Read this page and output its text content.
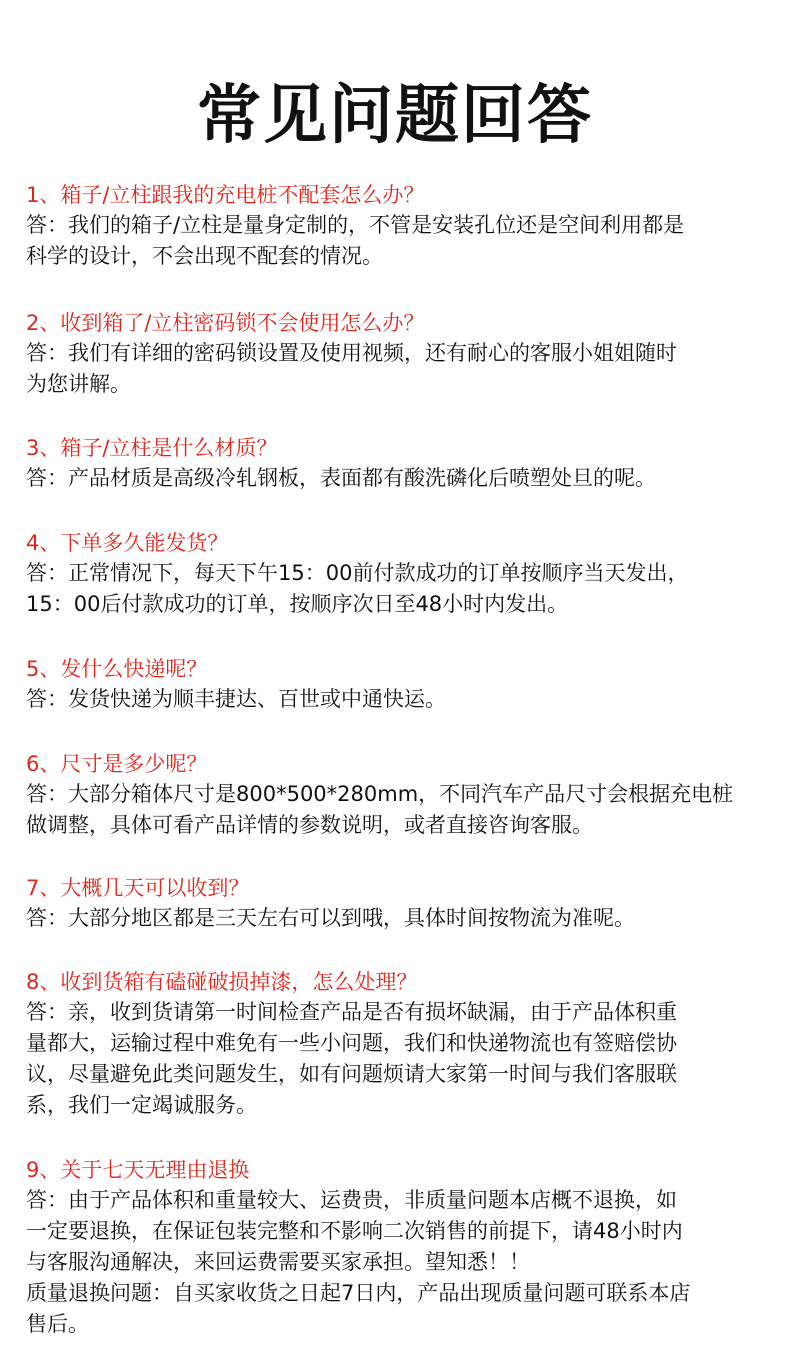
常见问题回答
1、箱子/立柱跟我的充电桩不配套怎么办？
答：我们的箱子/立柱是量身定制的，不管是安装孔位还是空间利用都是
科学的设计，不会出现不配套的情况。
2、收到箱了/立柱密码锁不会使用怎么办？
答：我们有详细的密码锁设置及使用视频，还有耐心的客服小姐姐随时
为您讲解。
3、箱子/立柱是什么材质？
答：产品材质是高级冷轧钢板，表面都有酸洗磷化后喷塑处旦的呢。
4、下单多久能发货？
答：正常情况下，每天下午15：00前付款成功的订单按顺序当天发出，
15：00后付款成功的订单，按顺序次日至48小时内发出。
5、发什么快递呢？
答：发货快递为顺丰捷达、百世或中通快运。
6、尺寸是多少呢？
答：大部分箱体尺寸是800*500*280mm，不同汽车产品尺寸会根据充电桩
做调整，具体可看产品详情的参数说明，或者直接咨询客服。
7、大概几天可以收到？
答：大部分地区都是三天左右可以到哦，具体时间按物流为准呢。
8、收到货箱有磕碰破损掉漆，怎么处理？
答：亲，收到货请第一时间检查产品是否有损坏缺漏，由于产品体积重
量都大，运输过程中难免有一些小问题，我们和快递物流也有签赔偿协
议，尽量避免此类问题发生，如有问题烦请大家第一时间与我们客服联
系，我们一定竭诚服务。
9、关于七天无理由退换
答：由于产品体积和重量较大、运费贵，非质量问题本店概不退换，如
一定要退换，在保证包装完整和不影响二次销售的前提下，请48小时内
与客服沟通解决，来回运费需要买家承担。望知悉！！
质量退换问题：自买家收货之日起7日内，产品出现质量问题可联系本店
售后。
